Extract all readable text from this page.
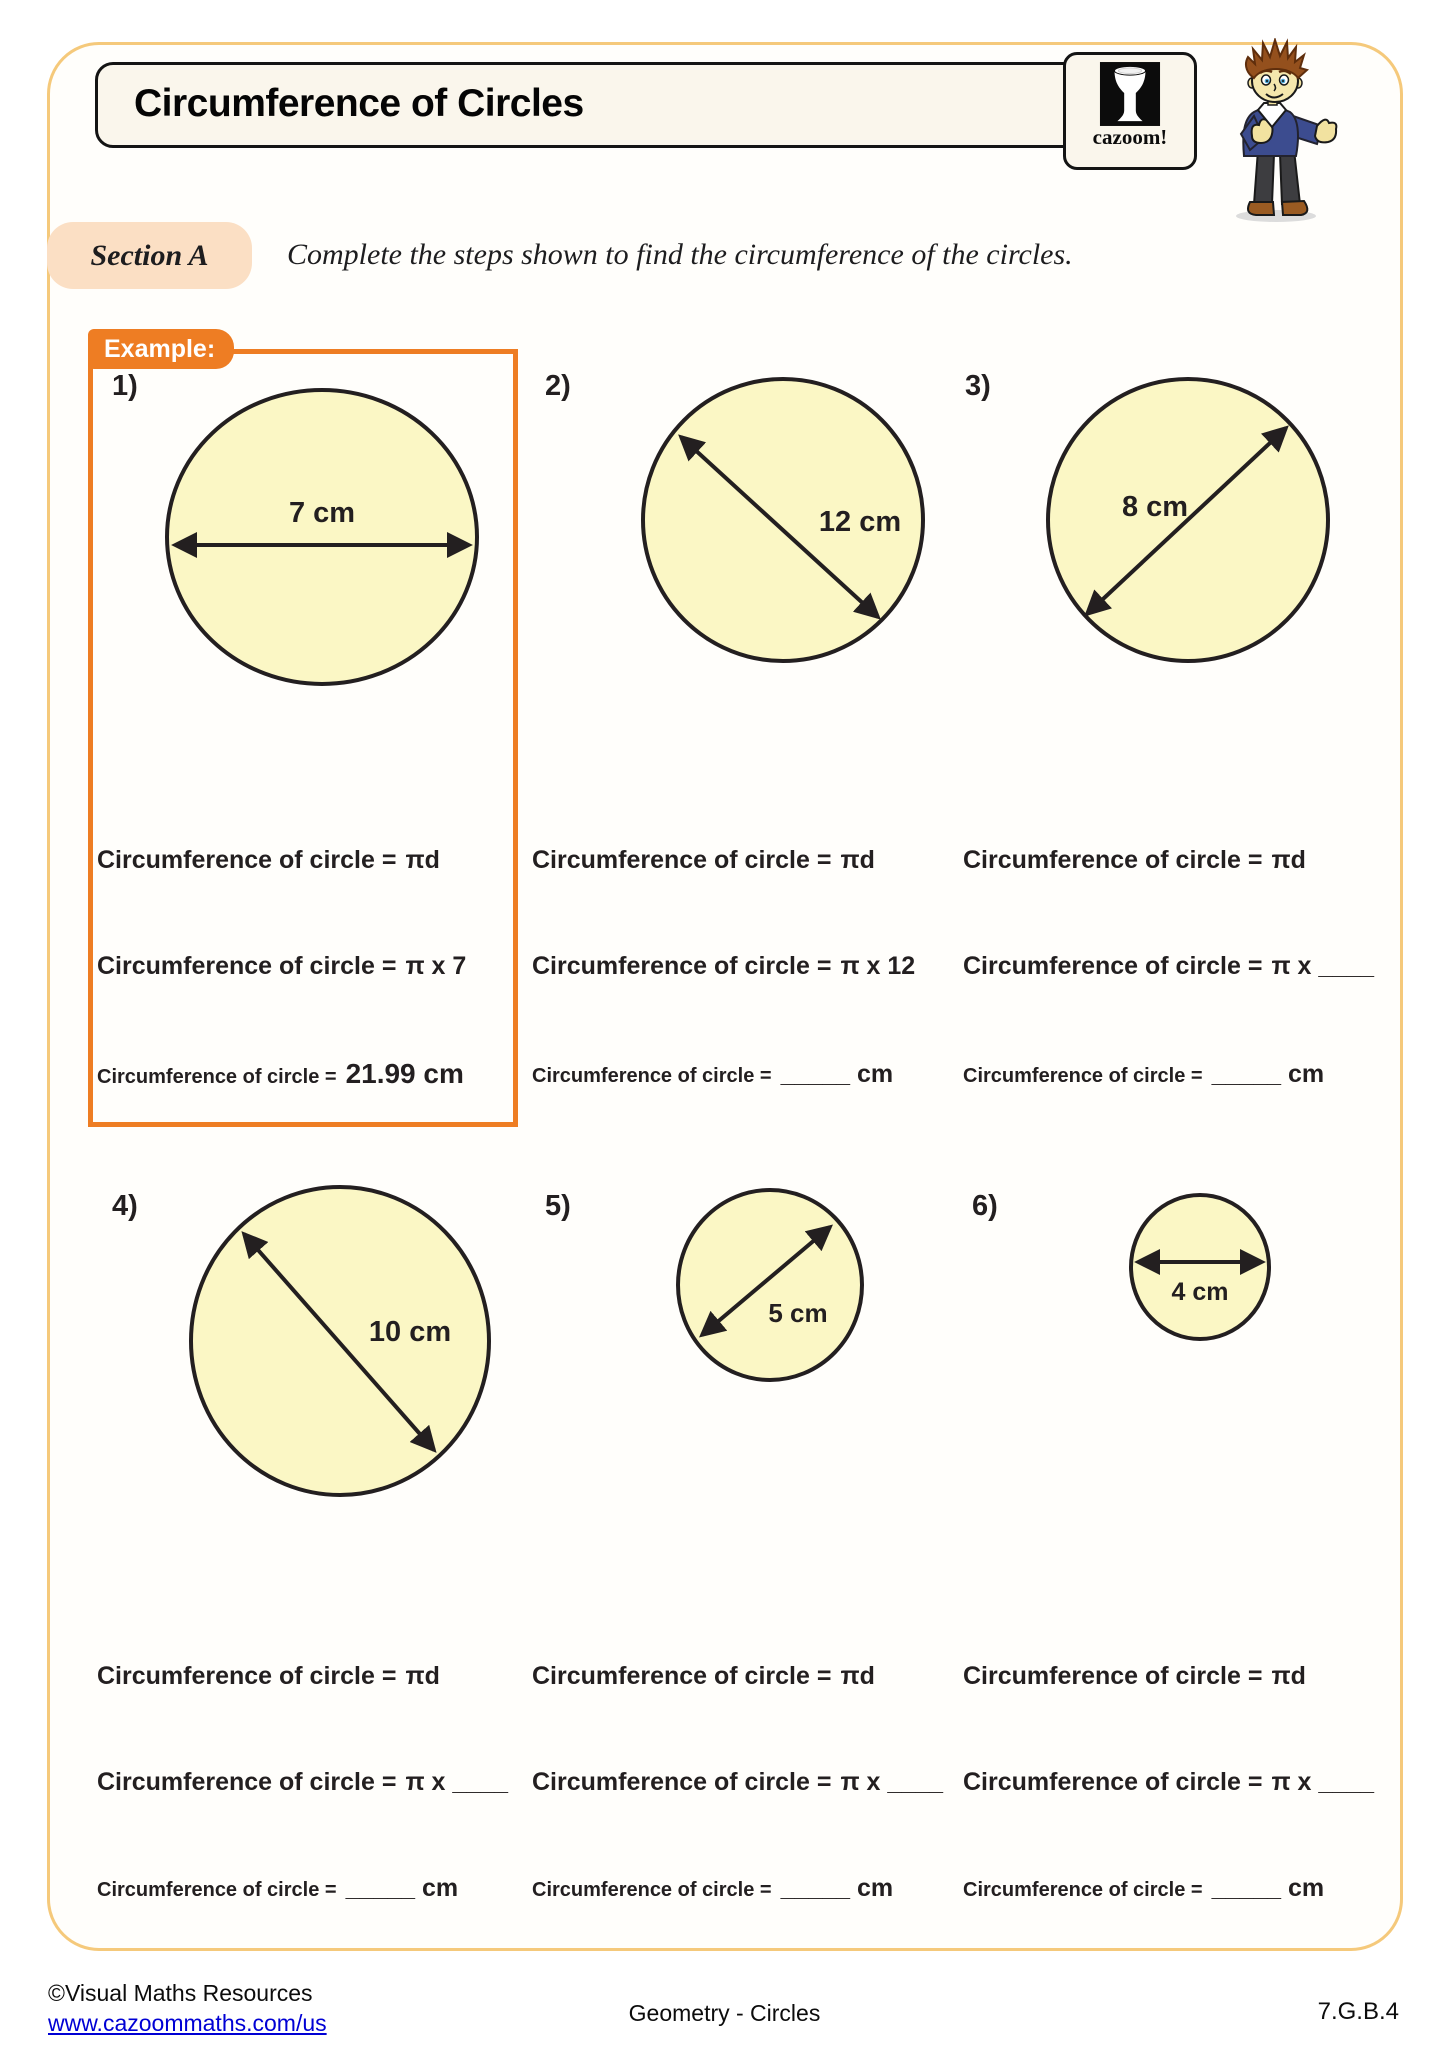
Circumference of Circles
cazoom!
Section A	Complete the steps shown to find the circumference of the circles.
Example:
1)	2)	3)
4)	5)	6)
7 cm	12 cm	8 cm
10 cm
5 cm
4 cm
Circumference of circle = πd
Circumference of circle = π x 7
Circumference of circle = 21.99 cm
Circumference of circle = πd
Circumference of circle = π x 12
Circumference of circle = _____ cm
Circumference of circle = πd
Circumference of circle = π x ____
Circumference of circle = _____ cm
Circumference of circle = πd
Circumference of circle = π x ____
Circumference of circle = _____ cm
Circumference of circle = πd
Circumference of circle = π x ____
Circumference of circle = _____ cm
Circumference of circle = πd
Circumference of circle = π x ____
Circumference of circle = _____ cm
©Visual Maths Resources
www.cazoommaths.com/us	Geometry - Circles	7.G.B.4
